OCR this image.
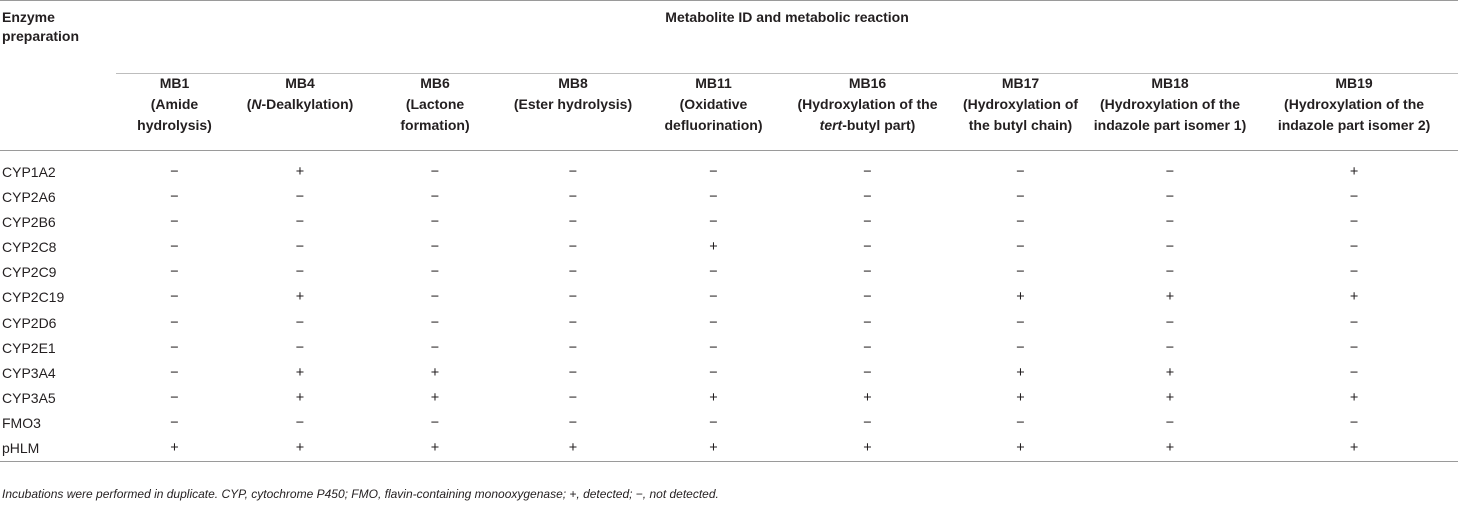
Enzyme preparation	Metabolite ID and metabolic reaction								

	MB1
(Amide
hydrolysis)	MB4
(N-Dealkylation)	MB6
(Lactone
formation)	MB8
(Ester hydrolysis)	MB11
(Oxidative
defluorination)	MB16
(Hydroxylation of the
tert-butyl part)	MB17
(Hydroxylation of
the butyl chain)	MB18
(Hydroxylation of the
indazole part isomer 1)	MB19
(Hydroxylation of the
indazole part isomer 2)

CYP1A2	−	+	−	−	−	−	−	−	+
CYP2A6	−	−	−	−	−	−	−	−	−
CYP2B6	−	−	−	−	−	−	−	−	−
CYP2C8	−	−	−	−	+	−	−	−	−
CYP2C9	−	−	−	−	−	−	−	−	−
CYP2C19	−	+	−	−	−	−	+	+	+
CYP2D6	−	−	−	−	−	−	−	−	−
CYP2E1	−	−	−	−	−	−	−	−	−
CYP3A4	−	+	+	−	−	−	+	+	−
CYP3A5	−	+	+	−	+	+	+	+	+
FMO3	−	−	−	−	−	−	−	−	−
pHLM	+	+	+	+	+	+	+	+	+
Incubations were performed in duplicate. CYP, cytochrome P450; FMO, flavin-containing monooxygenase; +, detected; −, not detected.
